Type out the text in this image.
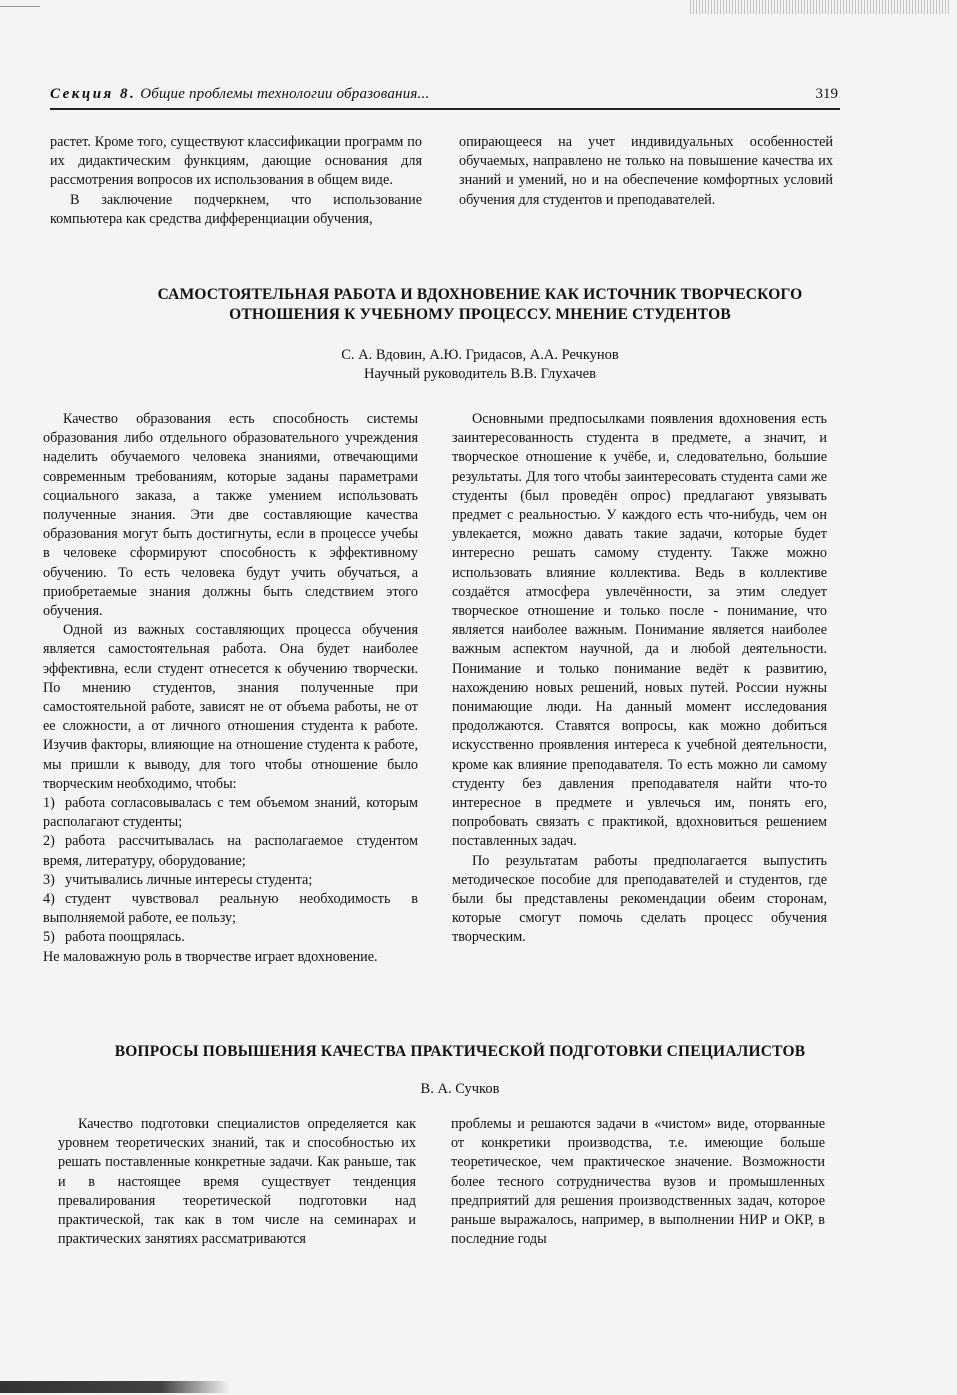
Секция 8. Общие проблемы технологии образования...	319

растет. Кроме того, существуют классификации программ по их дидактическим функциям, дающие основания для рассмотрения вопросов их использования в общем виде.

В заключение подчеркнем, что использование компьютера как средства дифференциации обучения,

опирающееся на учет индивидуальных особенностей обучаемых, направлено не только на повышение качества их знаний и умений, но и на обеспечение комфортных условий обучения для студентов и преподавателей.

САМОСТОЯТЕЛЬНАЯ РАБОТА И ВДОХНОВЕНИЕ КАК ИСТОЧНИК ТВОРЧЕСКОГО
ОТНОШЕНИЯ К УЧЕБНОМУ ПРОЦЕССУ. МНЕНИЕ СТУДЕНТОВ
С. А. Вдовин, А.Ю. Гридасов, А.А. Речкунов
Научный руководитель В.В. Глухачев

Качество образования есть способность системы образования либо отдельного образовательного учреждения наделить обучаемого человека знаниями, отвечающими современным требованиям, которые заданы параметрами социального заказа, а также умением использовать полученные знания. Эти две составляющие качества образования могут быть достигнуты, если в процессе учебы в человеке сформируют способность к эффективному обучению. То есть человека будут учить обучаться, а приобретаемые знания должны быть следствием этого обучения.

Одной из важных составляющих процесса обучения является самостоятельная работа. Она будет наиболее эффективна, если студент отнесется к обучению творчески. По мнению студентов, знания полученные при самостоятельной работе, зависят не от объема работы, не от ее сложности, а от личного отношения студента к работе. Изучив факторы, влияющие на отношение студента к работе, мы пришли к выводу, для того чтобы отношение было творческим необходимо, чтобы:

1) работа согласовывалась с тем объемом знаний, которым располагают студенты;
2) работа рассчитывалась на располагаемое студентом время, литературу, оборудование;
3) учитывались личные интересы студента;
4) студент чувствовал реальную необходимость в выполняемой работе, ее пользу;
5) работа поощрялась.

Не маловажную роль в творчестве играет вдохновение.

Основными предпосылками появления вдохновения есть заинтересованность студента в предмете, а значит, и творческое отношение к учёбе, и, следовательно, большие результаты. Для того чтобы заинтересовать студента сами же студенты (был проведён опрос) предлагают увязывать предмет с реальностью. У каждого есть что-нибудь, чем он увлекается, можно давать такие задачи, которые будет интересно решать самому студенту. Также можно использовать влияние коллектива. Ведь в коллективе создаётся атмосфера увлечённости, за этим следует творческое отношение и только после - понимание, что является наиболее важным. Понимание является наиболее важным аспектом научной, да и любой деятельности. Понимание и только понимание ведёт к развитию, нахождению новых решений, новых путей. России нужны понимающие люди. На данный момент исследования продолжаются. Ставятся вопросы, как можно добиться искусственно проявления интереса к учебной деятельности, кроме как влияние преподавателя. То есть можно ли самому студенту без давления преподавателя найти что-то интересное в предмете и увлечься им, понять его, попробовать связать с практикой, вдохновиться решением поставленных задач.

По результатам работы предполагается выпустить методическое пособие для преподавателей и студентов, где были бы представлены рекомендации обеим сторонам, которые смогут помочь сделать процесс обучения творческим.

ВОПРОСЫ ПОВЫШЕНИЯ КАЧЕСТВА ПРАКТИЧЕСКОЙ ПОДГОТОВКИ СПЕЦИАЛИСТОВ
В. А. Сучков

Качество подготовки специалистов определяется как уровнем теоретических знаний, так и способностью их решать поставленные конкретные задачи. Как раньше, так и в настоящее время существует тенденция превалирования теоретической подготовки над практической, так как в том числе на семинарах и практических занятиях рассматриваются

проблемы и решаются задачи в «чистом» виде, оторванные от конкретики производства, т.е. имеющие больше теоретическое, чем практическое значение. Возможности более тесного сотрудничества вузов и промышленных предприятий для решения производственных задач, которое раньше выражалось, например, в выполнении НИР и ОКР, в последние годы
